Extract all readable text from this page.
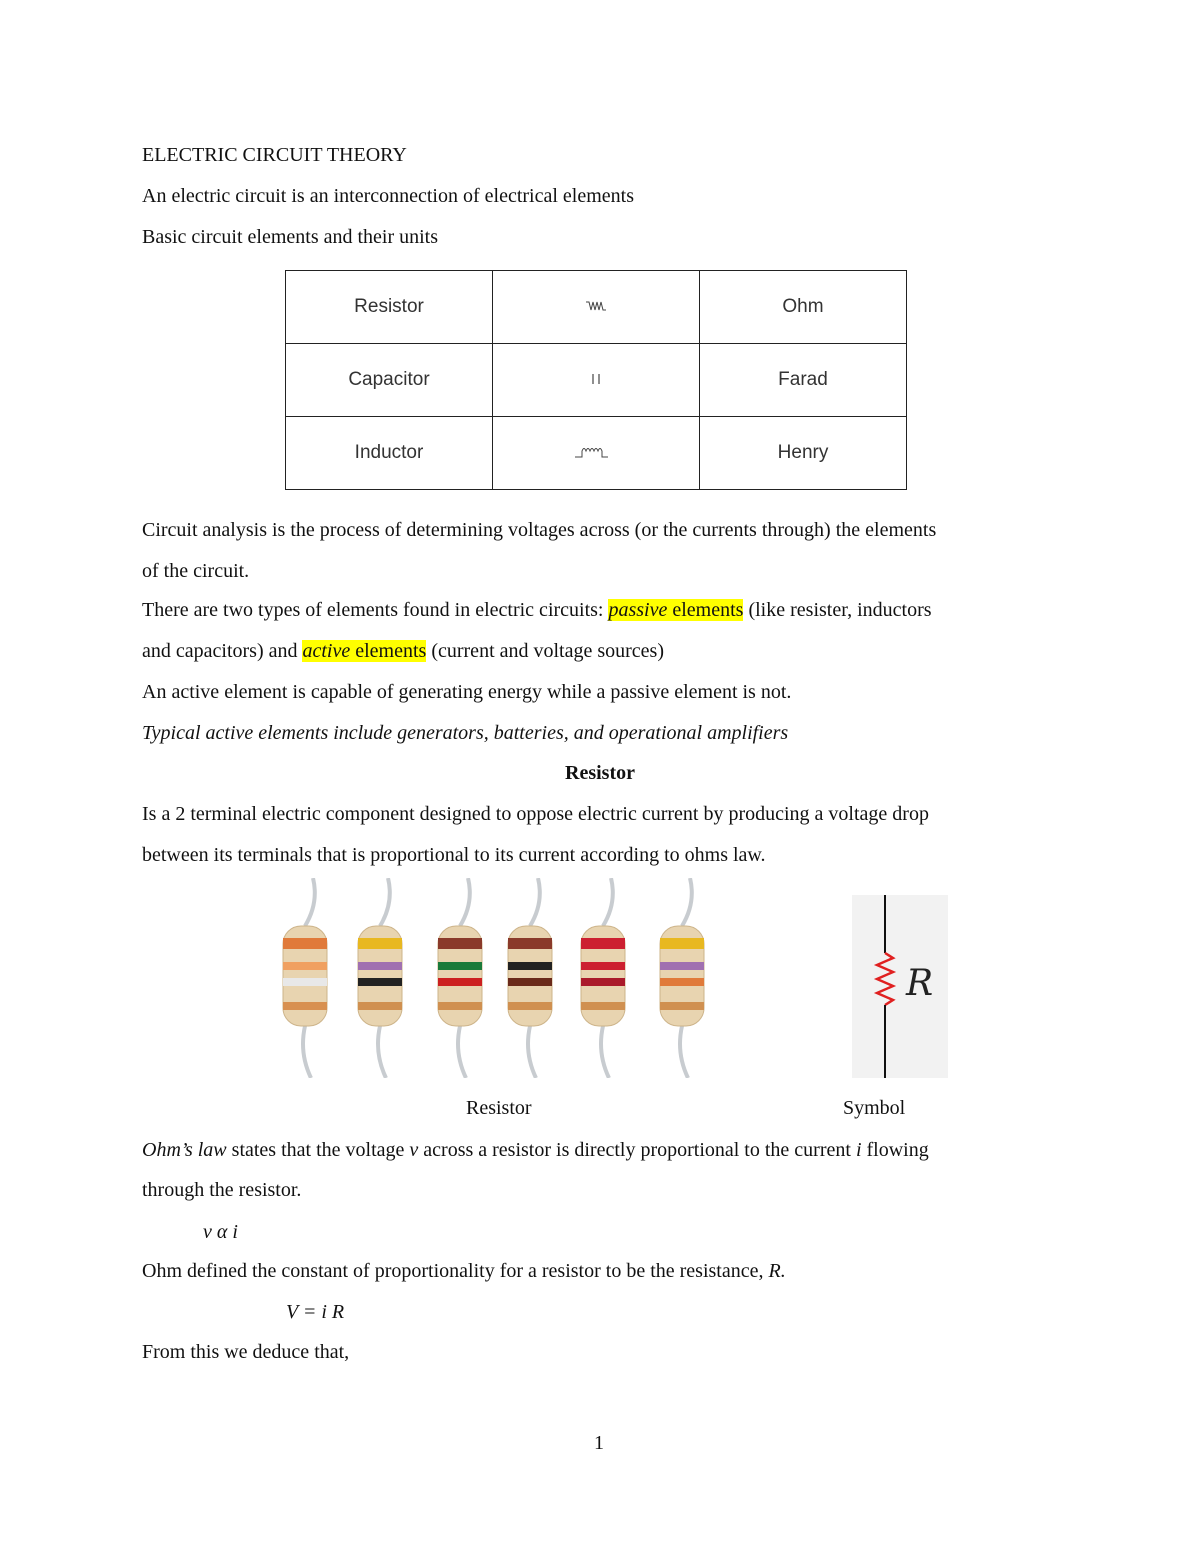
ELECTRIC CIRCUIT THEORY
An electric circuit is an interconnection of electrical elements
Basic circuit elements and their units
Resistor		Ohm
Capacitor		Farad
Inductor		Henry
Circuit analysis is the process of determining voltages across (or the currents through) the elements
of the circuit.
There are two types of elements found in electric circuits: passive elements (like resister, inductors
and capacitors) and active elements (current and voltage sources)
An active element is capable of generating energy while a passive element is not.
Typical active elements include generators, batteries, and operational amplifiers
Resistor
Is a 2 terminal electric component designed to oppose electric current by producing a voltage drop
between its terminals that is proportional to its current according to ohms law.
R
Resistor	Symbol
Ohm’s law states that the voltage v across a resistor is directly proportional to the current i flowing
through the resistor.
v α i
Ohm defined the constant of proportionality for a resistor to be the resistance, R.
V = i R
From this we deduce that,
1
